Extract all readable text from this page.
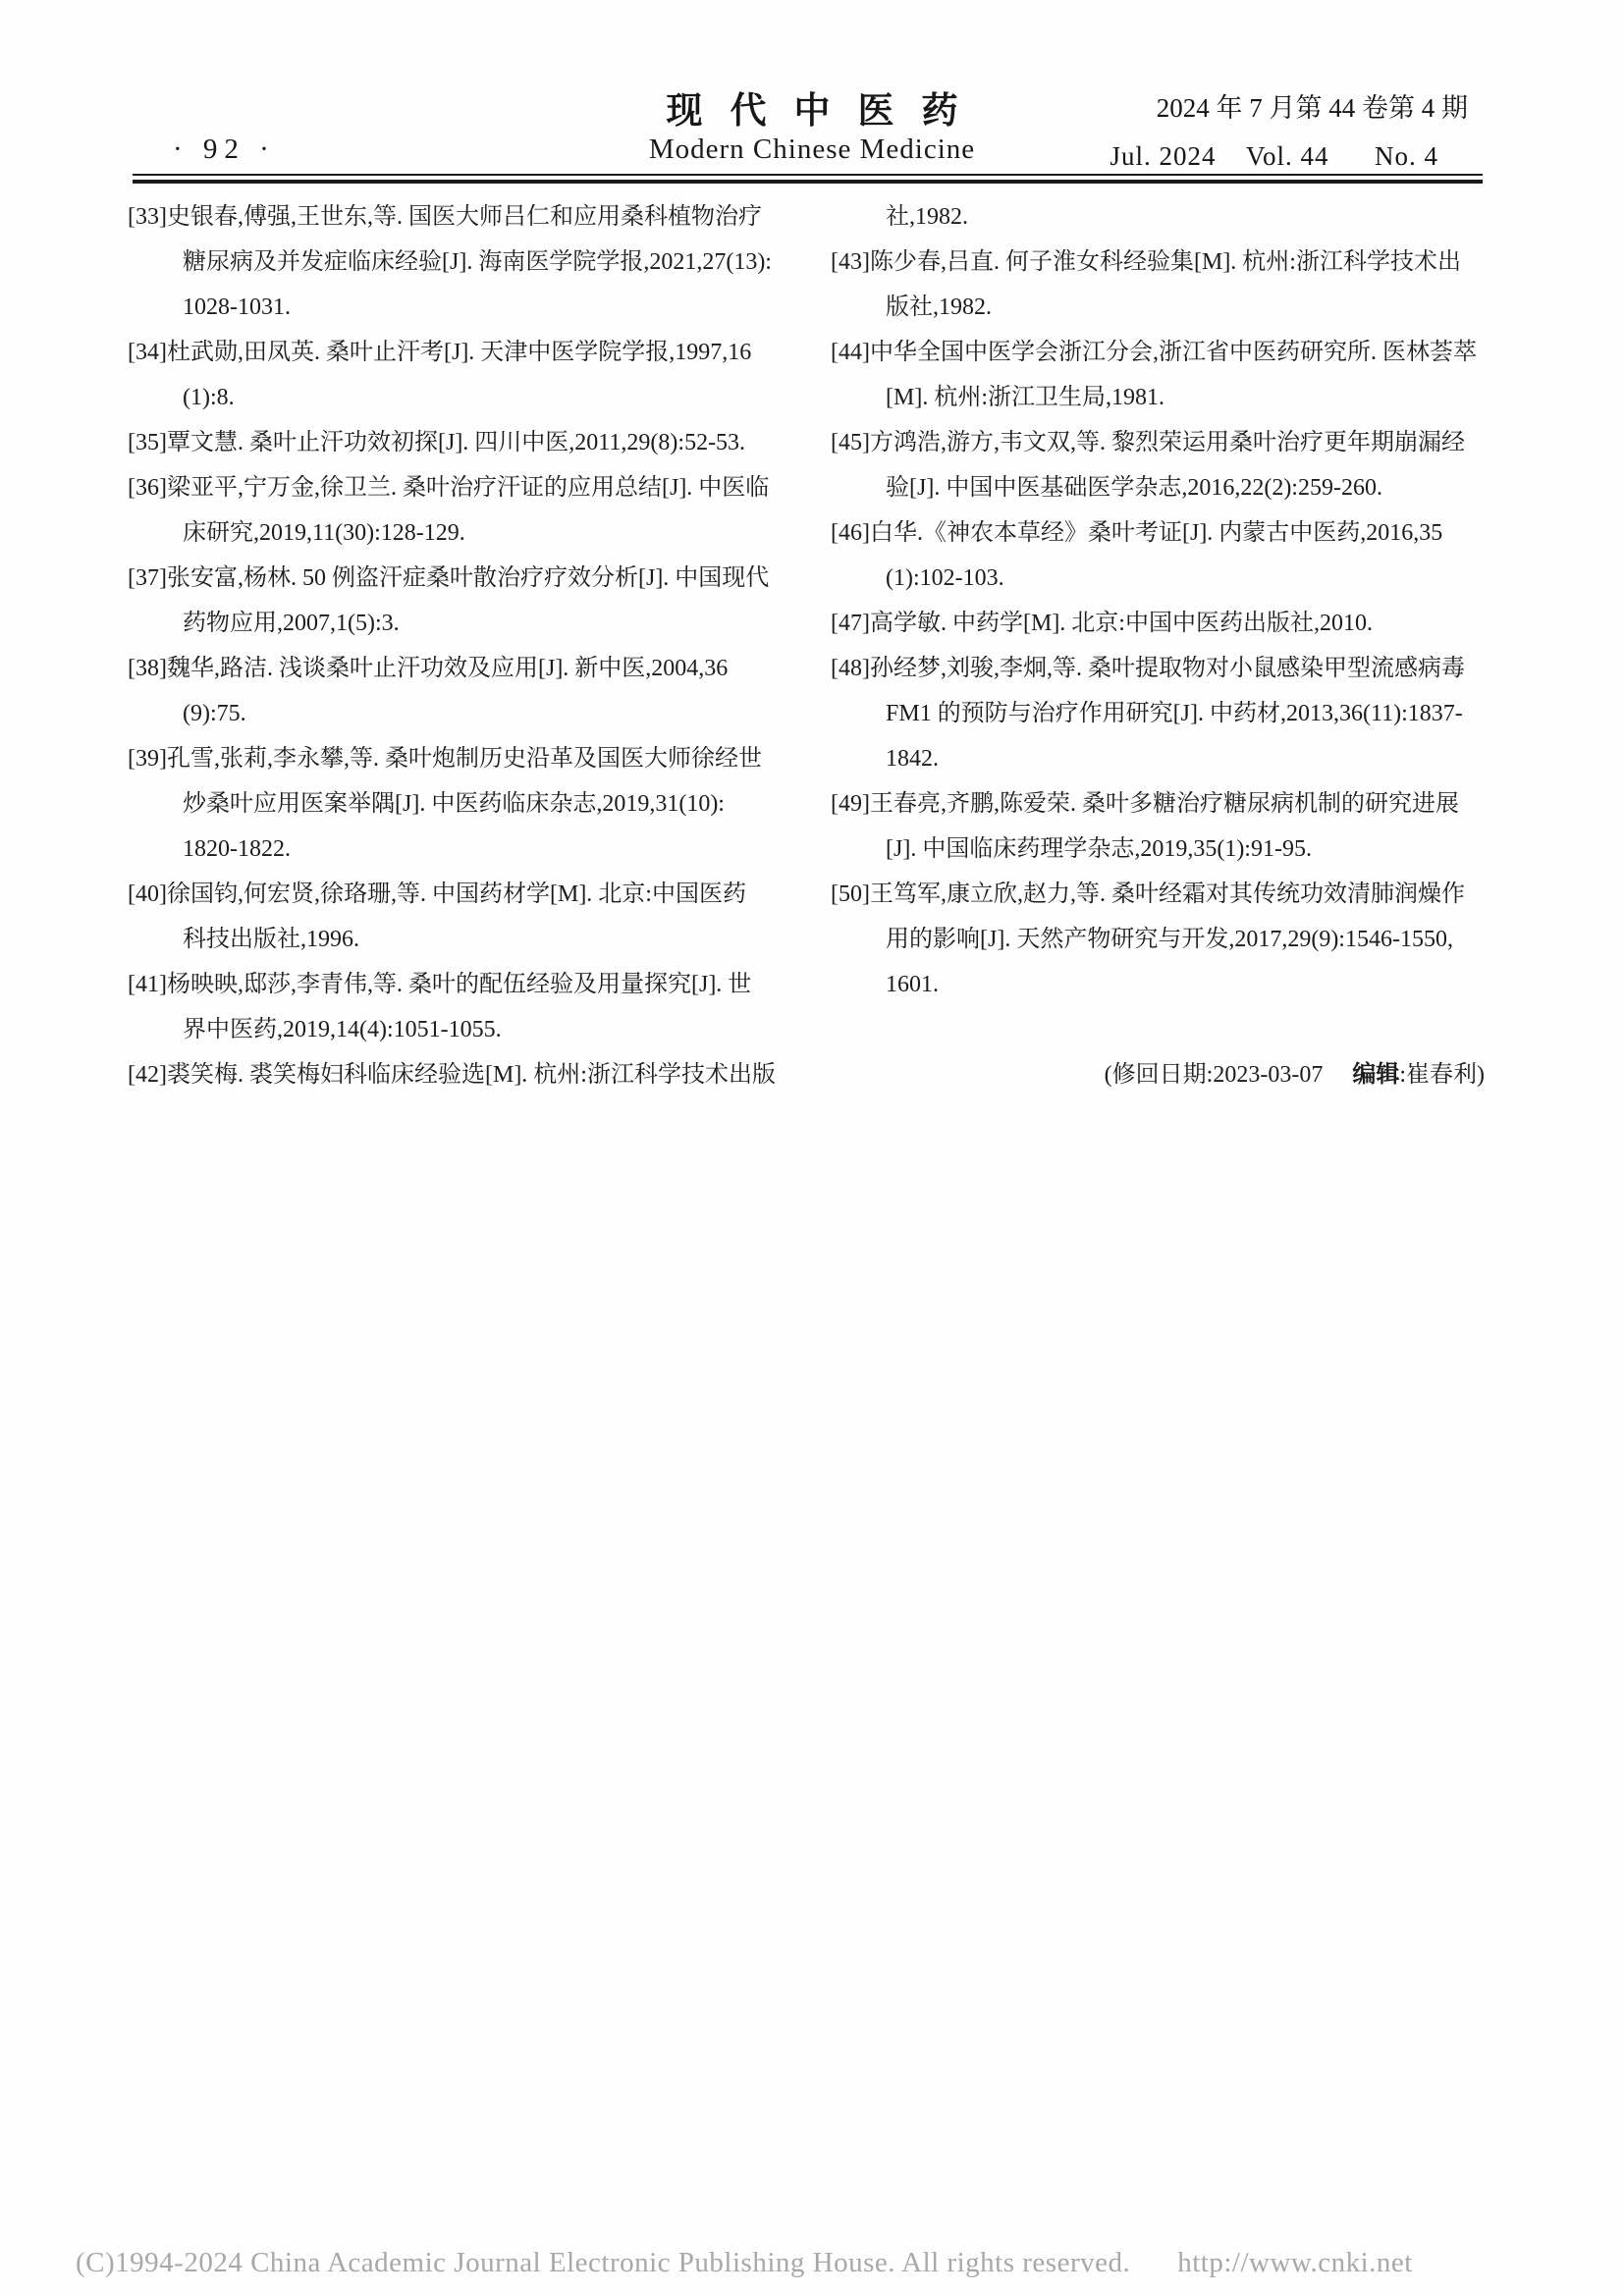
现代中医药
Modern Chinese Medicine
· 92 ·
2024 年 7 月第 44 卷第 4 期
Jul. 2024    Vol. 44      No. 4
[33]史银春,傅强,王世东,等. 国医大师吕仁和应用桑科植物治疗
糖尿病及并发症临床经验[J]. 海南医学院学报,2021,27(13):
1028-1031.
[34]杜武勋,田凤英. 桑叶止汗考[J]. 天津中医学院学报,1997,16
(1):8.
[35]覃文慧. 桑叶止汗功效初探[J]. 四川中医,2011,29(8):52-53.
[36]梁亚平,宁万金,徐卫兰. 桑叶治疗汗证的应用总结[J]. 中医临
床研究,2019,11(30):128-129.
[37]张安富,杨林. 50 例盗汗症桑叶散治疗疗效分析[J]. 中国现代
药物应用,2007,1(5):3.
[38]魏华,路洁. 浅谈桑叶止汗功效及应用[J]. 新中医,2004,36
(9):75.
[39]孔雪,张莉,李永攀,等. 桑叶炮制历史沿革及国医大师徐经世
炒桑叶应用医案举隅[J]. 中医药临床杂志,2019,31(10):
1820-1822.
[40]徐国钧,何宏贤,徐珞珊,等. 中国药材学[M]. 北京:中国医药
科技出版社,1996.
[41]杨映映,邸莎,李青伟,等. 桑叶的配伍经验及用量探究[J]. 世
界中医药,2019,14(4):1051-1055.
[42]裘笑梅. 裘笑梅妇科临床经验选[M]. 杭州:浙江科学技术出版
社,1982.
[43]陈少春,吕直. 何子淮女科经验集[M]. 杭州:浙江科学技术出
版社,1982.
[44]中华全国中医学会浙江分会,浙江省中医药研究所. 医林荟萃
[M]. 杭州:浙江卫生局,1981.
[45]方鸿浩,游方,韦文双,等. 黎烈荣运用桑叶治疗更年期崩漏经
验[J]. 中国中医基础医学杂志,2016,22(2):259-260.
[46]白华.《神农本草经》桑叶考证[J]. 内蒙古中医药,2016,35
(1):102-103.
[47]高学敏. 中药学[M]. 北京:中国中医药出版社,2010.
[48]孙经梦,刘骏,李炯,等. 桑叶提取物对小鼠感染甲型流感病毒
FM1 的预防与治疗作用研究[J]. 中药材,2013,36(11):1837-
1842.
[49]王春亮,齐鹏,陈爱荣. 桑叶多糖治疗糖尿病机制的研究进展
[J]. 中国临床药理学杂志,2019,35(1):91-95.
[50]王笃军,康立欣,赵力,等. 桑叶经霜对其传统功效清肺润燥作
用的影响[J]. 天然产物研究与开发,2017,29(9):1546-1550,
1601.

(修回日期:2023-03-07 编辑:崔春利)

(C)1994-2024 China Academic Journal Electronic Publishing House. All rights reserved. http://www.cnki.net
